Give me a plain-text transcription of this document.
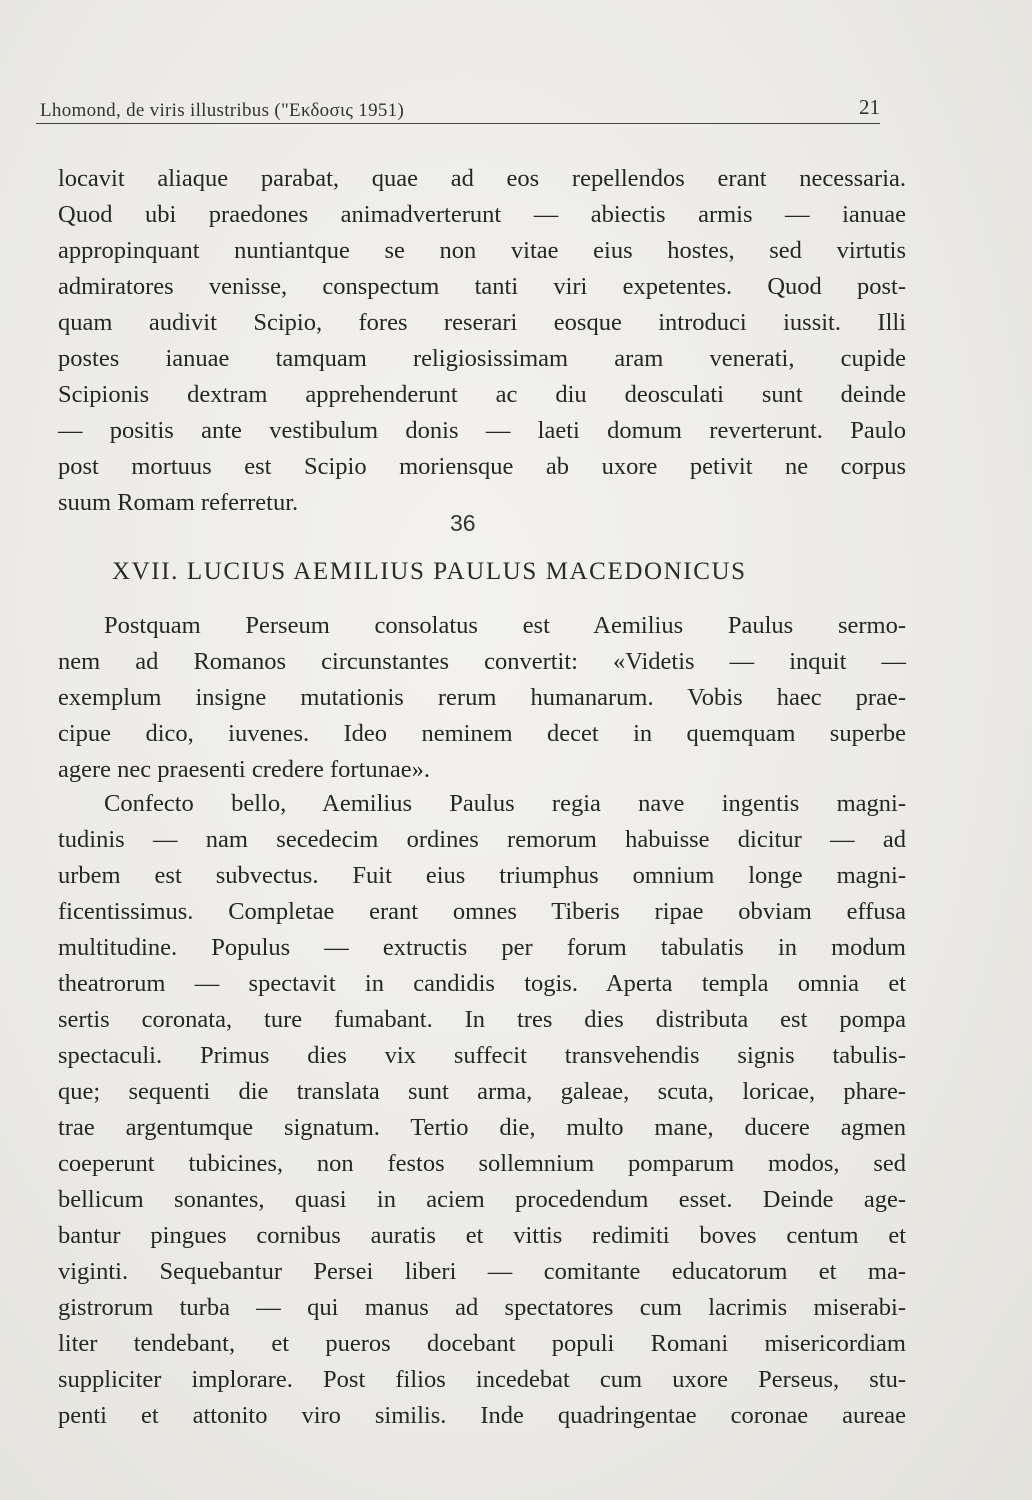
Lhomond, de viris illustribus ("Εκδοσις 1951)	21
locavit aliaque parabat, quae ad eos repellendos erant necessaria.
Quod ubi praedones animadverterunt — abiectis armis — ianuae
appropinquant nuntiantque se non vitae eius hostes, sed virtutis
admiratores venisse, conspectum tanti viri expetentes. Quod post-
quam audivit Scipio, fores reserari eosque introduci iussit. Illi
postes ianuae tamquam religiosissimam aram venerati, cupide
Scipionis dextram apprehenderunt ac diu deosculati sunt deinde
— positis ante vestibulum donis — laeti domum reverterunt. Paulo
post mortuus est Scipio moriensque ab uxore petivit ne corpus
suum Romam referretur.
36
XVII. LUCIUS AEMILIUS PAULUS MACEDONICUS
Postquam Perseum consolatus est Aemilius Paulus sermo-
nem ad Romanos circunstantes convertit: «Videtis — inquit —
exemplum insigne mutationis rerum humanarum. Vobis haec prae-
cipue dico, iuvenes. Ideo neminem decet in quemquam superbe
agere nec praesenti credere fortunae».
Confecto bello, Aemilius Paulus regia nave ingentis magni-
tudinis — nam secedecim ordines remorum habuisse dicitur — ad
urbem est subvectus. Fuit eius triumphus omnium longe magni-
ficentissimus. Completae erant omnes Tiberis ripae obviam effusa
multitudine. Populus — extructis per forum tabulatis in modum
theatrorum — spectavit in candidis togis. Aperta templa omnia et
sertis coronata, ture fumabant. In tres dies distributa est pompa
spectaculi. Primus dies vix suffecit transvehendis signis tabulis-
que; sequenti die translata sunt arma, galeae, scuta, loricae, phare-
trae argentumque signatum. Tertio die, multo mane, ducere agmen
coeperunt tubicines, non festos sollemnium pomparum modos, sed
bellicum sonantes, quasi in aciem procedendum esset. Deinde age-
bantur pingues cornibus auratis et vittis redimiti boves centum et
viginti. Sequebantur Persei liberi — comitante educatorum et ma-
gistrorum turba — qui manus ad spectatores cum lacrimis miserabi-
liter tendebant, et pueros docebant populi Romani misericordiam
suppliciter implorare. Post filios incedebat cum uxore Perseus, stu-
penti et attonito viro similis. Inde quadringentae coronae aureae
